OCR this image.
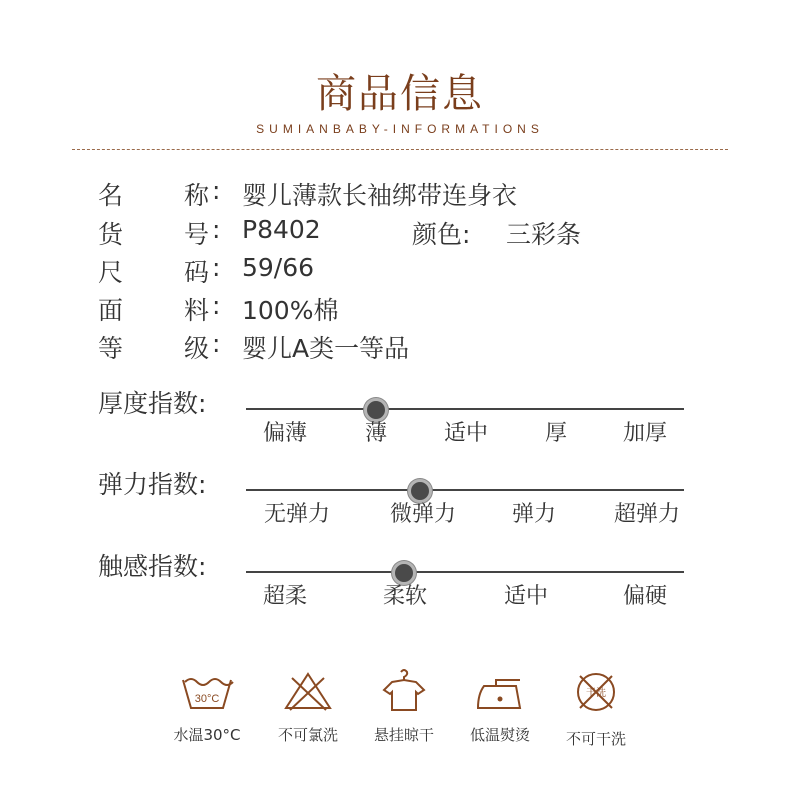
商品信息
SUMIANBABY-INFORMATIONS
名 称 : 婴儿薄款长袖绑带连身衣
货 号 : P8402	颜色: 三彩条
尺 码 : 59/66
面 料 : 100%棉
等 级 : 婴儿A类一等品
厚度指数:
偏薄	薄	适中	厚	加厚
弹力指数:
无弹力	微弹力	弹力	超弹力
触感指数:
超柔	柔软	适中	偏硬
30°C
水温30°C	不可氯洗	悬挂晾干	低温熨烫
干洗
不可干洗
